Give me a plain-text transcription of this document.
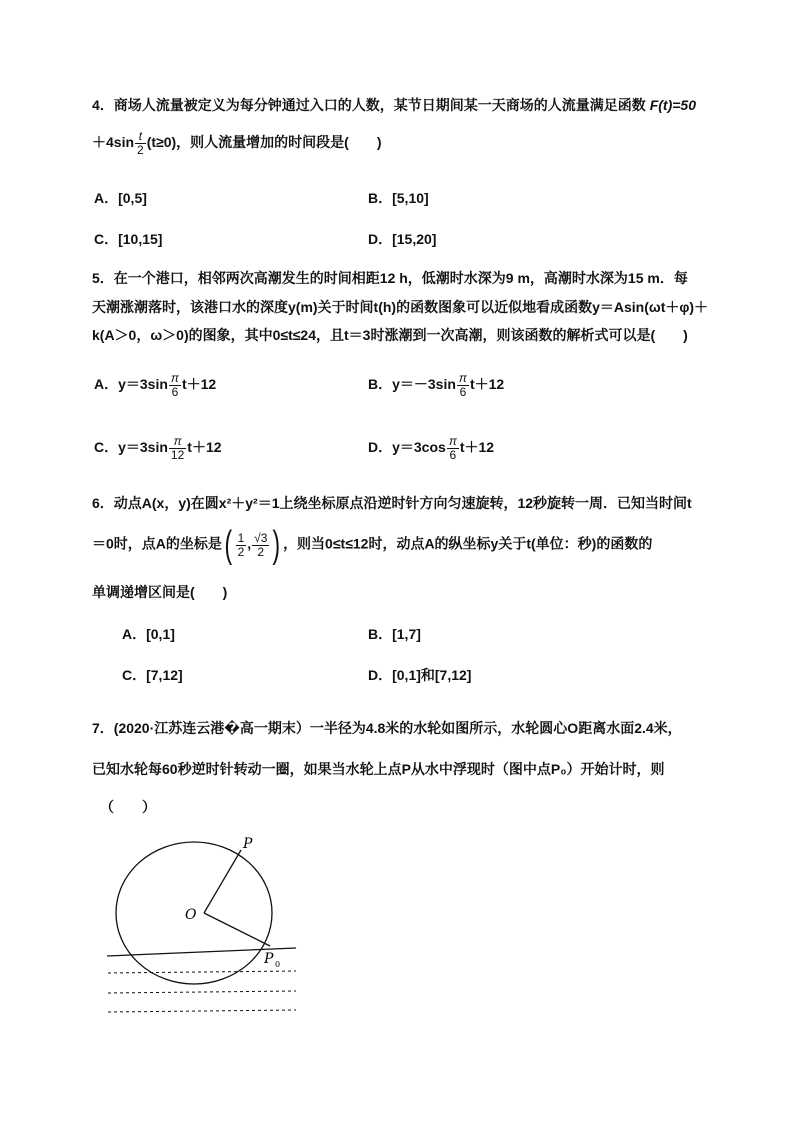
4．商场人流量被定义为每分钟通过入口的人数，某节日期间某一天商场的人流量满足函数 F(t)=50
$+4\sin \frac{t}{2} (t\ge 0)$，则人流量增加的时间段是(　　)
A．[0,5]	B．[5,10]
C．[10,15]	D．[15,20]
5．在一个港口，相邻两次高潮发生的时间相距12 h，低潮时水深为9 m，高潮时水深为15 m．每
天潮涨潮落时，该港口水的深度y(m)关于时间t(h)的函数图象可以近似地看成函数y＝Asin(ωt＋φ)＋
k(A＞0，ω＞0)的图象，其中0≤t≤24，且t＝3时涨潮到一次高潮，则该函数的解析式可以是(　　)
A．$y=3\sin \frac{\pi}{6} t+12$	B．$y=-3\sin \frac{\pi}{6} t+12$
C．$y=3\sin \frac{\pi}{12} t+12$	D．$y=3\cos \frac{\pi}{6} t+12$
6．动点A(x，y)在圆x²＋y²＝1上绕坐标原点沿逆时针方向匀速旋转，12秒旋转一周．已知当时间t
＝0时，点A的坐标是( $\frac{1}{2}$ , $\frac{√3}{2}$ ) ，则当0≤t≤12时，动点A的纵坐标y关于t(单位：秒)的函数的
单调递增区间是(　　)
A．[0,1]	B．[1,7]
C．[7,12]	D．[0,1]和[7,12]
7．(2020·江苏连云港�高一期末）一半径为4.8米的水轮如图所示，水轮圆心O距离水面2.4米，
已知水轮每60秒逆时针转动一圈，如果当水轮上点P从水中浮现时（图中点P₀）开始计时，则
（　　）
P
O
P 0
